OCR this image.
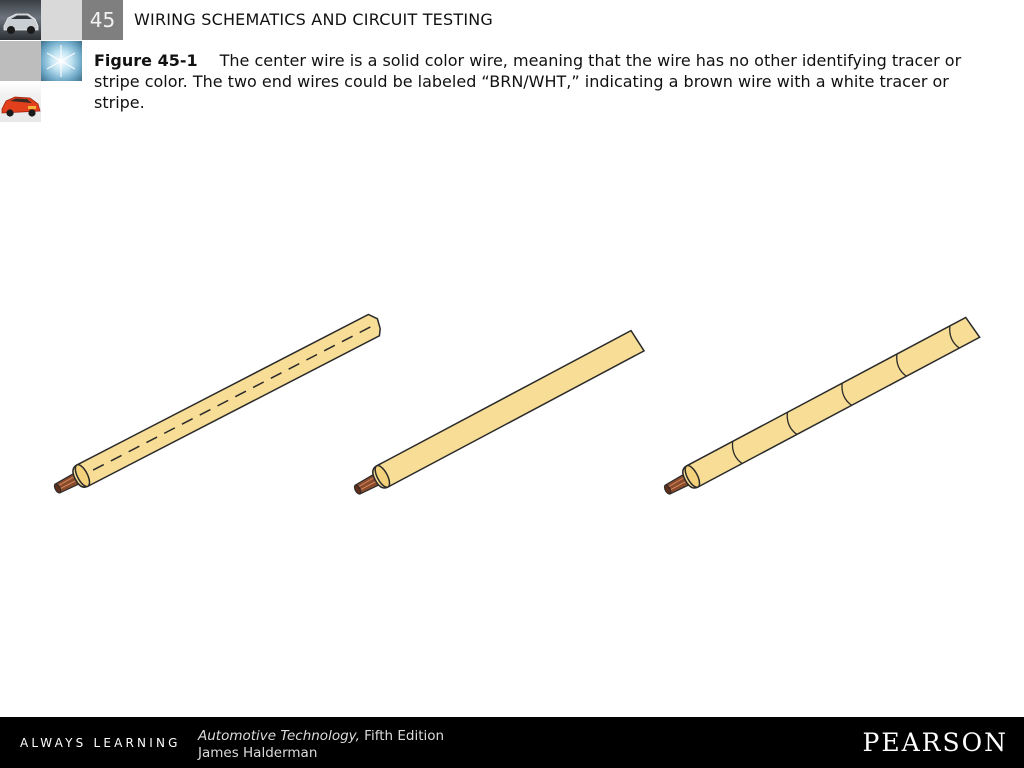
45	WIRING SCHEMATICS AND CIRCUIT TESTING
Figure 45-1 The center wire is a solid color wire, meaning that the wire has no other identifying tracer or stripe color. The two end wires could be labeled “BRN/WHT,” indicating a brown wire with a white tracer or stripe.
ALWAYS LEARNING Automotive Technology, Fifth Edition
James Halderman	PEARSON
